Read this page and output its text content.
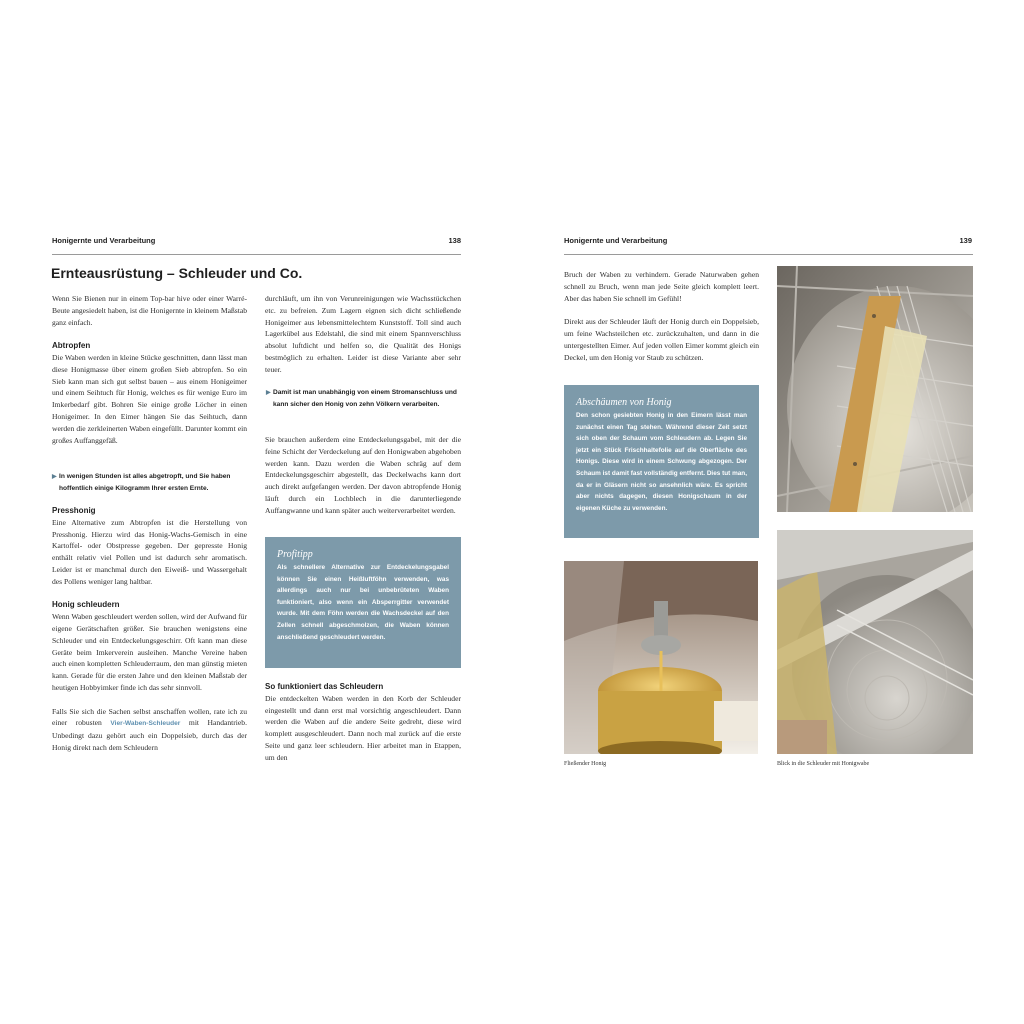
Honigernte und Verarbeitung	138
Ernteausrüstung – Schleuder und Co.

Wenn Sie Bienen nur in einem Top-bar hive oder einer Warré-Beute angesiedelt haben, ist die Honigernte in kleinem Maßstab ganz einfach.

Abtropfen

Die Waben werden in kleine Stücke geschnitten, dann lässt man diese Honigmasse über einem großen Sieb abtropfen. So ein Sieb kann man sich gut selbst bauen – aus einem Honigeimer und einem Seihtuch für Honig, welches es für wenige Euro im Imkerbedarf gibt. Bohren Sie einige große Löcher in einen Honigeimer. In den Eimer hängen Sie das Seihtuch, dann werden die zerkleinerten Waben eingefüllt. Darunter kommt ein großes Auffanggefäß.

▶ In wenigen Stunden ist alles abgetropft, und Sie haben hoffentlich einige Kilogramm Ihrer ersten Ernte.
Presshonig

Eine Alternative zum Abtropfen ist die Herstellung von Presshonig. Hierzu wird das Honig-Wachs-Gemisch in eine Kartoffel- oder Obstpresse gegeben. Der gepresste Honig enthält relativ viel Pollen und ist dadurch sehr aromatisch. Leider ist er manchmal durch den Eiweiß- und Wassergehalt des Pollens weniger lang haltbar.

Honig schleudern

Wenn Waben geschleudert werden sollen, wird der Aufwand für eigene Gerätschaften größer. Sie brauchen wenigstens eine Schleuder und ein Entdeckelungsgeschirr. Oft kann man diese Geräte beim Imkerverein ausleihen. Manche Vereine haben auch einen kompletten Schleuderraum, den man günstig mieten kann. Gerade für die ersten Jahre und den kleinen Maßstab der heutigen Hobbyimker finde ich das sehr sinnvoll.

Falls Sie sich die Sachen selbst anschaffen wollen, rate ich zu einer robusten Vier-Waben-Schleuder mit Handantrieb. Unbedingt dazu gehört auch ein Doppelsieb, durch das der Honig direkt nach dem Schleudern

durchläuft, um ihn von Verunreinigungen wie Wachsstückchen etc. zu befreien. Zum Lagern eignen sich dicht schließende Honigeimer aus lebensmittelechtem Kunststoff. Toll sind auch Lagerkübel aus Edelstahl, die sind mit einem Spannverschluss absolut luftdicht und helfen so, die Qualität des Honigs bestmöglich zu erhalten. Leider ist diese Variante aber sehr teuer.

▶ Damit ist man unabhängig von einem Stromanschluss und kann sicher den Honig von zehn Völkern verarbeiten.

Sie brauchen außerdem eine Entdeckelungsgabel, mit der die feine Schicht der Verdeckelung auf den Honigwaben abgehoben werden kann. Dazu werden die Waben schräg auf dem Entdeckelungsgeschirr abgestellt, das Deckelwachs kann dort auch direkt aufgefangen werden. Der davon abtropfende Honig läuft durch ein Lochblech in die darunterliegende Auffangwanne und kann später auch weiterverarbeitet werden.

Profitipp
Als schnellere Alternative zur Entdeckelungsgabel können Sie einen Heißluftföhn verwenden, was allerdings auch nur bei unbebrüteten Waben funktioniert, also wenn ein Absperrgitter verwendet wurde. Mit dem Föhn werden die Wachsdeckel auf den Zellen schnell abgeschmolzen, die Waben können anschließend geschleudert werden.
So funktioniert das Schleudern

Die entdeckelten Waben werden in den Korb der Schleuder eingestellt und dann erst mal vorsichtig angeschleudert. Dann werden die Waben auf die andere Seite gedreht, diese wird komplett ausgeschleudert. Dann noch mal zurück auf die erste Seite und ganz leer schleudern. Hier arbeitet man in Etappen, um den

Honigernte und Verarbeitung	139

Bruch der Waben zu verhindern. Gerade Naturwaben gehen schnell zu Bruch, wenn man jede Seite gleich komplett leert. Aber das haben Sie schnell im Gefühl!

Direkt aus der Schleuder läuft der Honig durch ein Doppelsieb, um feine Wachsteilchen etc. zurückzuhalten, und dann in die untergestellten Eimer. Auf jeden vollen Eimer kommt gleich ein Deckel, um den Honig vor Staub zu schützen.

Abschäumen von Honig
Den schon gesiebten Honig in den Eimern lässt man zunächst einen Tag stehen. Während dieser Zeit setzt sich oben der Schaum vom Schleudern ab. Legen Sie jetzt ein Stück Frischhaltefolie auf die Oberfläche des Honigs. Diese wird in einem Schwung abgezogen. Der Schaum ist damit fast vollständig entfernt. Dies tut man, da er in Gläsern nicht so ansehnlich wäre. Es spricht aber nichts dagegen, diesen Honigschaum in der eigenen Küche zu verwenden.
Fließender Honig	Blick in die Schleuder mit Honigwabe
